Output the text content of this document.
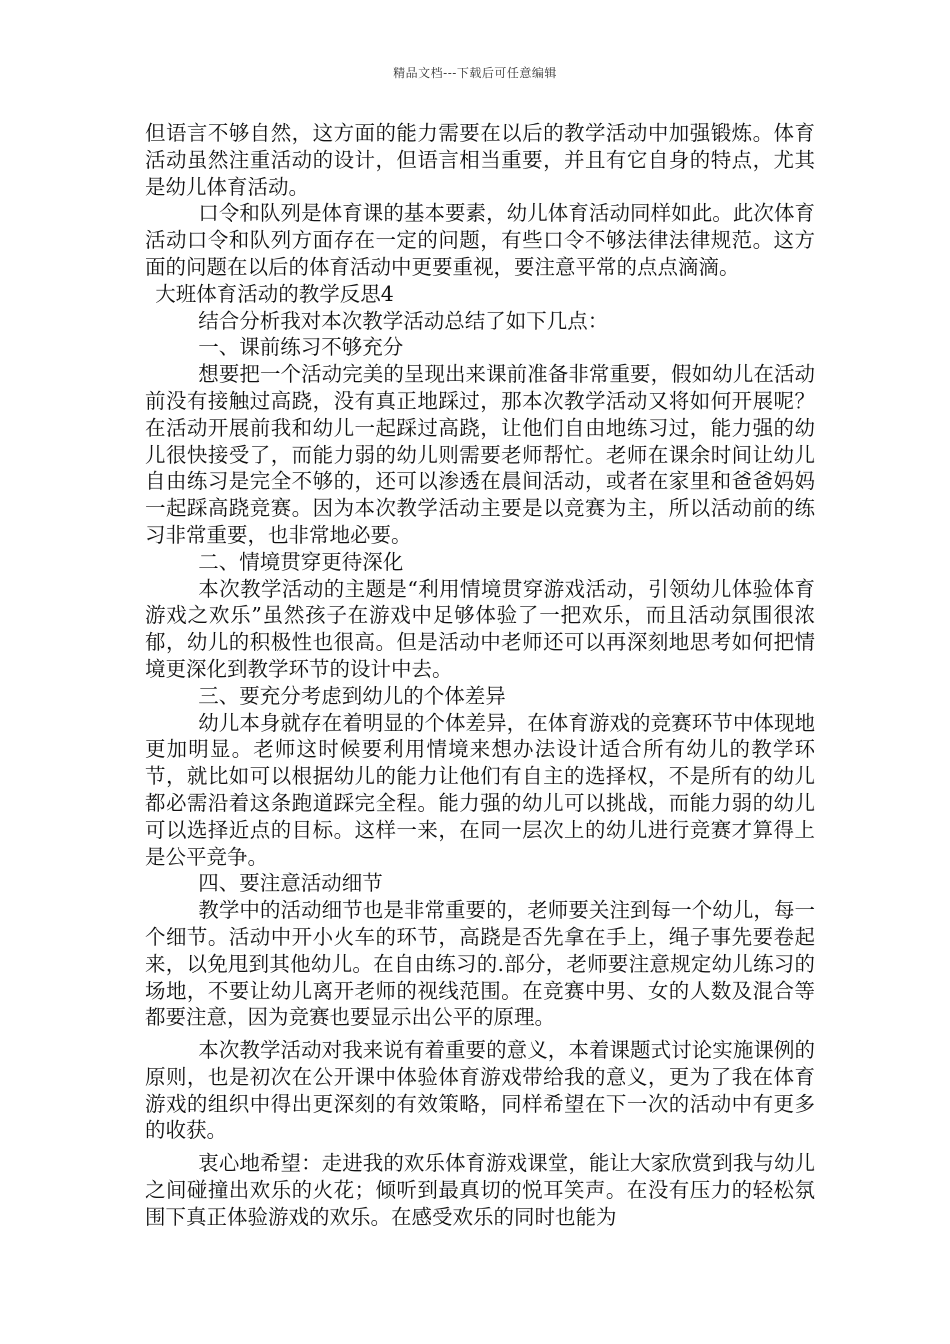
精品文档---下载后可任意编辑

但语言不够自然，这方面的能力需要在以后的教学活动中加强锻炼。体育活动虽然注重活动的设计，但语言相当重要，并且有它自身的特点，尤其是幼儿体育活动。

口令和队列是体育课的基本要素，幼儿体育活动同样如此。此次体育活动口令和队列方面存在一定的问题，有些口令不够法律法律规范。这方面的问题在以后的体育活动中更要重视，要注意平常的点点滴滴。

大班体育活动的教学反思4

结合分析我对本次教学活动总结了如下几点：

一、课前练习不够充分

想要把一个活动完美的呈现出来课前准备非常重要，假如幼儿在活动前没有接触过高跷，没有真正地踩过，那本次教学活动又将如何开展呢？在活动开展前我和幼儿一起踩过高跷，让他们自由地练习过，能力强的幼儿很快接受了，而能力弱的幼儿则需要老师帮忙。老师在课余时间让幼儿自由练习是完全不够的，还可以渗透在晨间活动，或者在家里和爸爸妈妈一起踩高跷竞赛。因为本次教学活动主要是以竞赛为主，所以活动前的练习非常重要，也非常地必要。

二、情境贯穿更待深化

本次教学活动的主题是“利用情境贯穿游戏活动，引领幼儿体验体育游戏之欢乐”虽然孩子在游戏中足够体验了一把欢乐，而且活动氛围很浓郁，幼儿的积极性也很高。但是活动中老师还可以再深刻地思考如何把情境更深化到教学环节的设计中去。

三、要充分考虑到幼儿的个体差异

幼儿本身就存在着明显的个体差异，在体育游戏的竞赛环节中体现地更加明显。老师这时候要利用情境来想办法设计适合所有幼儿的教学环节，就比如可以根据幼儿的能力让他们有自主的选择权，不是所有的幼儿都必需沿着这条跑道踩完全程。能力强的幼儿可以挑战，而能力弱的幼儿可以选择近点的目标。这样一来，在同一层次上的幼儿进行竞赛才算得上是公平竞争。

四、要注意活动细节

教学中的活动细节也是非常重要的，老师要关注到每一个幼儿，每一个细节。活动中开小火车的环节，高跷是否先拿在手上，绳子事先要卷起来，以免甩到其他幼儿。在自由练习的.部分，老师要注意规定幼儿练习的场地，不要让幼儿离开老师的视线范围。在竞赛中男、女的人数及混合等都要注意，因为竞赛也要显示出公平的原理。

本次教学活动对我来说有着重要的意义，本着课题式讨论实施课例的原则，也是初次在公开课中体验体育游戏带给我的意义，更为了我在体育游戏的组织中得出更深刻的有效策略，同样希望在下一次的活动中有更多的收获。

衷心地希望：走进我的欢乐体育游戏课堂，能让大家欣赏到我与幼儿之间碰撞出欢乐的火花；倾听到最真切的悦耳笑声。在没有压力的轻松氛围下真正体验游戏的欢乐。在感受欢乐的同时也能为
